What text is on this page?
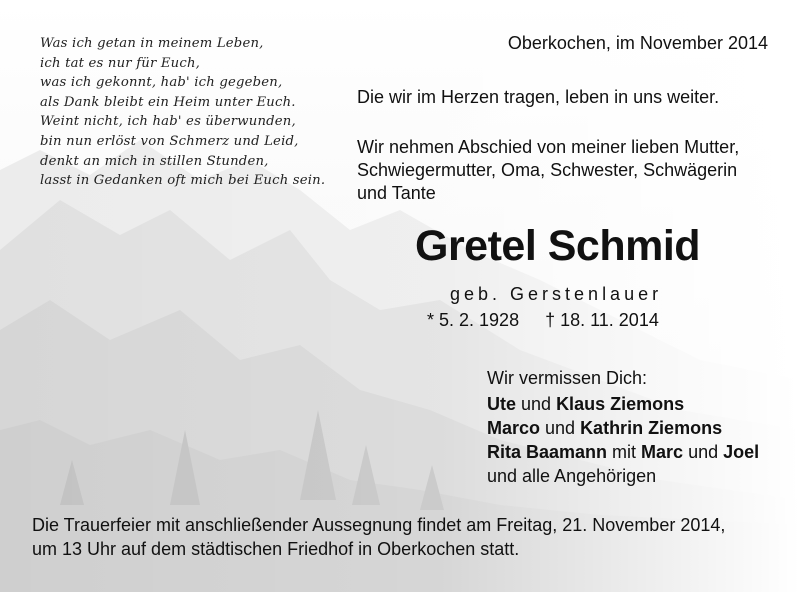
Was ich getan in meinem Leben,
ich tat es nur für Euch,
was ich gekonnt, hab' ich gegeben,
als Dank bleibt ein Heim unter Euch.
Weint nicht, ich hab' es überwunden,
bin nun erlöst von Schmerz und Leid,
denkt an mich in stillen Stunden,
lasst in Gedanken oft mich bei Euch sein.
Oberkochen, im November 2014
Die wir im Herzen tragen, leben in uns weiter.
Wir nehmen Abschied von meiner lieben Mutter, Schwiegermutter, Oma, Schwester, Schwägerin und Tante
Gretel Schmid
geb. Gerstenlauer
* 5. 2. 1928 † 18. 11. 2014
Wir vermissen Dich:
Ute und Klaus Ziemons
Marco und Kathrin Ziemons
Rita Baamann mit Marc und Joel
und alle Angehörigen
Die Trauerfeier mit anschließender Aussegnung findet am Freitag, 21. November 2014,
um 13 Uhr auf dem städtischen Friedhof in Oberkochen statt.
